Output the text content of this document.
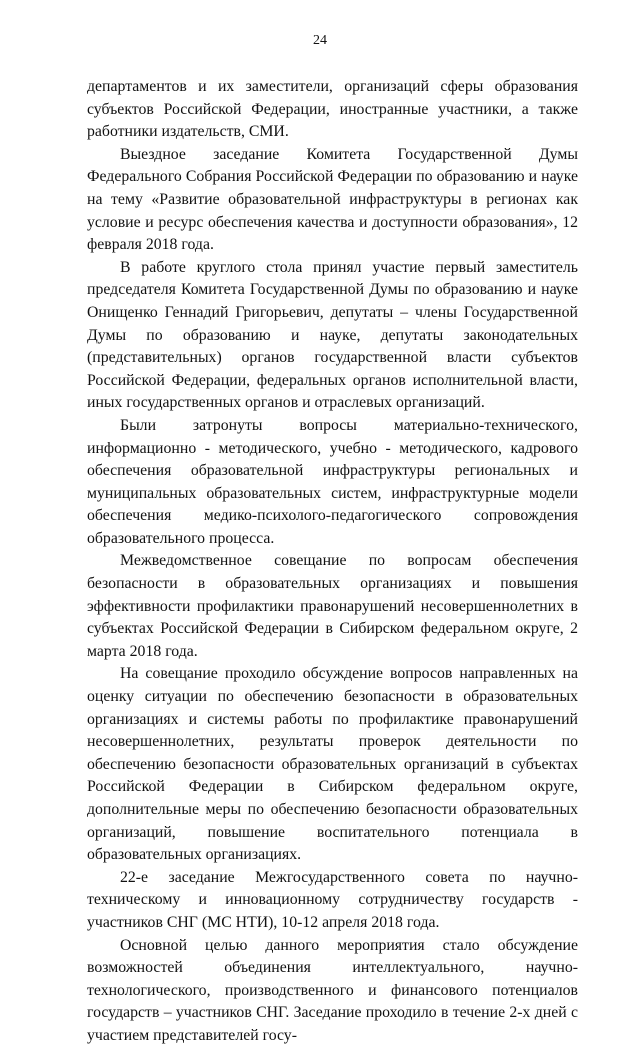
24

департаментов и их заместители, организаций сферы образования субъектов Российской Федерации, иностранные участники, а также работники издательств, СМИ.

Выездное заседание Комитета Государственной Думы Федерального Собрания Российской Федерации по образованию и науке на тему «Развитие образовательной инфраструктуры в регионах как условие и ресурс обеспечения качества и доступности образования», 12 февраля 2018 года.

В работе круглого стола принял участие первый заместитель председателя Комитета Государственной Думы по образованию и науке Онищенко Геннадий Григорьевич, депутаты – члены Государственной Думы по образованию и науке, депутаты законодательных (представительных) органов государственной власти субъектов Российской Федерации, федеральных органов исполнительной власти, иных государственных органов и отраслевых организаций.

Были затронуты вопросы материально-технического, информационно - методического, учебно - методического, кадрового обеспечения образовательной инфраструктуры региональных и муниципальных образовательных систем, инфраструктурные модели обеспечения медико-психолого-педагогического сопровождения образовательного процесса.

Межведомственное совещание по вопросам обеспечения безопасности в образовательных организациях и повышения эффективности профилактики правонарушений несовершеннолетних в субъектах Российской Федерации в Сибирском федеральном округе, 2 марта 2018 года.

На совещание проходило обсуждение вопросов направленных на оценку ситуации по обеспечению безопасности в образовательных организациях и системы работы по профилактике правонарушений несовершеннолетних, результаты проверок деятельности по обеспечению безопасности образовательных организаций в субъектах Российской Федерации в Сибирском федеральном округе, дополнительные меры по обеспечению безопасности образовательных организаций, повышение воспитательного потенциала в образовательных организациях.

22-е заседание Межгосударственного совета по научно-техническому и инновационному сотрудничеству государств - участников СНГ (МС НТИ), 10-12 апреля 2018 года.

Основной целью данного мероприятия стало обсуждение возможностей объединения интеллектуального, научно-технологического, производственного и финансового потенциалов государств – участников СНГ. Заседание проходило в течение 2-х дней с участием представителей госу-
